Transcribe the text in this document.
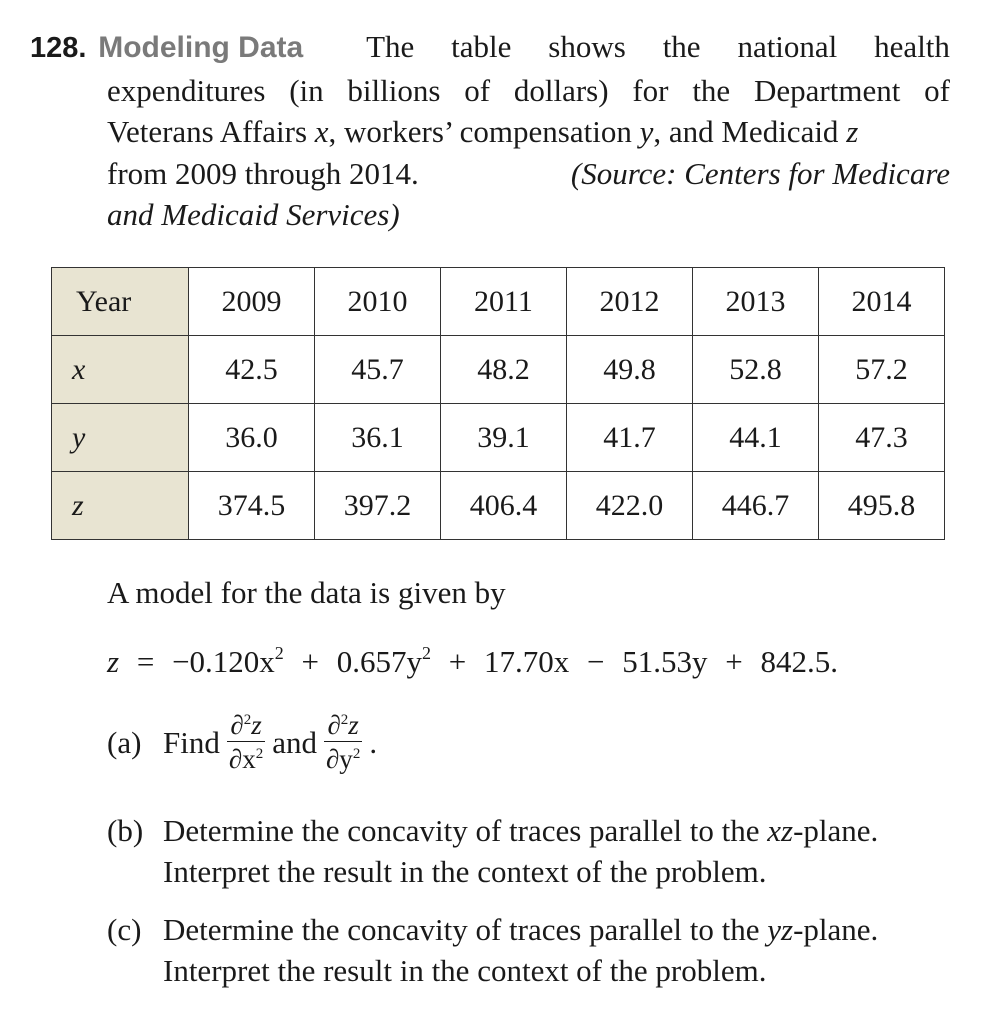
128. Modeling Data	The table shows the national health
expenditures (in billions of dollars) for the Department of
Veterans Affairs x, workers’ compensation y, and Medicaid z
from 2009 through 2014.	(Source: Centers for Medicare
and Medicaid Services)
Year	2009	2010	2011	2012	2013	2014
x	42.5	45.7	48.2	49.8	52.8	57.2
y	36.0	36.1	39.1	41.7	44.1	47.3
z	374.5	397.2	406.4	422.0	446.7	495.8
A model for the data is given by
$z = -0.120x^2 + 0.657y^2 + 17.70x - 51.53y + 842.5$.
(a) Find $\frac{\partial^2z}{\partial x^2}$ and $\frac{\partial^2z}{\partial y^2}$ .
(b) Determine the concavity of traces parallel to the xz-plane.
Interpret the result in the context of the problem.
(c) Determine the concavity of traces parallel to the yz-plane.
Interpret the result in the context of the problem.
